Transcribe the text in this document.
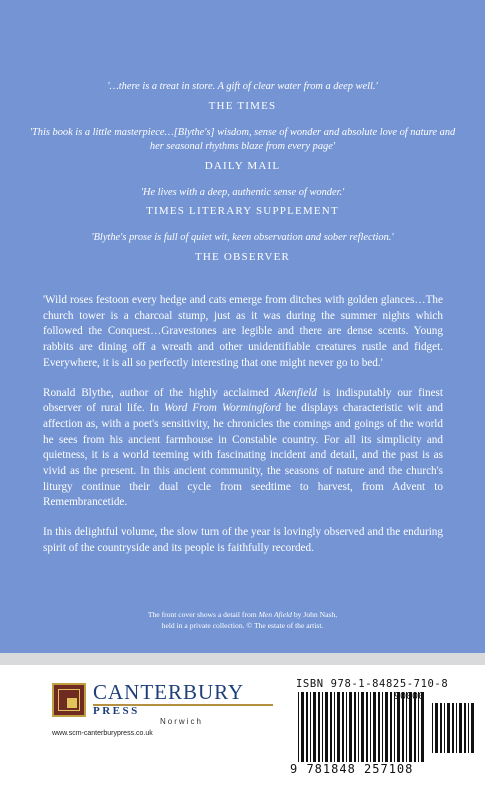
'…there is a treat in store. A gift of clear water from a deep well.'
THE TIMES
'This book is a little masterpiece…[Blythe's] wisdom, sense of wonder and absolute love of nature and her seasonal rhythms blaze from every page'
DAILY MAIL
'He lives with a deep, authentic sense of wonder.'
TIMES LITERARY SUPPLEMENT
'Blythe's prose is full of quiet wit, keen observation and sober reflection.'
THE OBSERVER

'Wild roses festoon every hedge and cats emerge from ditches with golden glances…The church tower is a charcoal stump, just as it was during the summer nights which followed the Conquest…Gravestones are legible and there are dense scents. Young rabbits are dining off a wreath and other unidentifiable creatures rustle and fidget. Everywhere, it is all so perfectly interesting that one might never go to bed.'

Ronald Blythe, author of the highly acclaimed Akenfield is indisputably our finest observer of rural life. In Word From Wormingford he displays characteristic wit and affection as, with a poet's sensitivity, he chronicles the comings and goings of the world he sees from his ancient farmhouse in Constable country. For all its simplicity and quietness, it is a world teeming with fascinating incident and detail, and the past is as vivid as the present. In this ancient community, the seasons of nature and the church's liturgy continue their dual cycle from seedtime to harvest, from Advent to Remembrancetide.

In this delightful volume, the slow turn of the year is lovingly observed and the enduring spirit of the countryside and its people is faithfully recorded.

The front cover shows a detail from Men Afield by John Nash,
held in a private collection. © The estate of the artist.
CANTERBURY
PRESS
Norwich
www.scm-canterburypress.co.uk
ISBN 978-1-84825-710-8
9 781848 257108
